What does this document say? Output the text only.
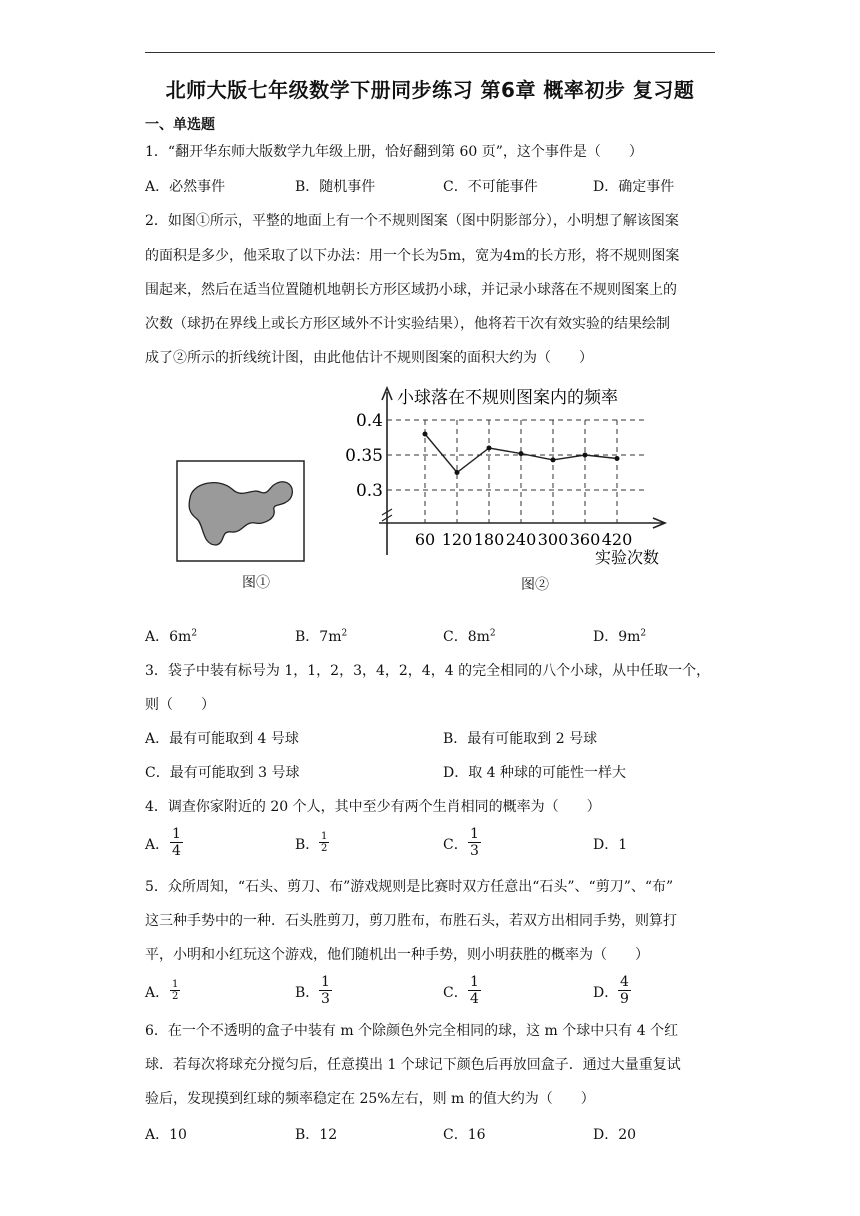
北师大版七年级数学下册同步练习 第6章 概率初步 复习题
一、单选题
1．“翻开华东师大版数学九年级上册，恰好翻到第 60 页”，这个事件是（　　）
A．必然事件	B．随机事件	C．不可能事件	D．确定事件
2．如图①所示，平整的地面上有一个不规则图案（图中阴影部分），小明想了解该图案
的面积是多少，他采取了以下办法：用一个长为5m，宽为4m的长方形，将不规则图案
围起来，然后在适当位置随机地朝长方形区域扔小球，并记录小球落在不规则图案上的
次数（球扔在界线上或长方形区域外不计实验结果），他将若干次有效实验的结果绘制
成了②所示的折线统计图，由此他估计不规则图案的面积大约为（　　）
图①
小球落在不规则图案内的频率
实验次数
0.4
0.35
0.3
60 120 180 240 300 360 420
图②
A．$6m^2$	B．$7m^2$	C．$8m^2$	D．$9m^2$
3．袋子中装有标号为 1，1，2，3，4，2，4，4 的完全相同的八个小球，从中任取一个，
则（　　）
A．最有可能取到 4 号球	B．最有可能取到 2 号球
C．最有可能取到 3 号球	D．取 4 种球的可能性一样大
4．调查你家附近的 20 个人，其中至少有两个生肖相同的概率为（　　）
A． $\frac{1}{4}$	B． $\frac{1}{2}$	C． $\frac{1}{3}$	D．1
5．众所周知，“石头、剪刀、布”游戏规则是比赛时双方任意出“石头”、“剪刀”、“布”
这三种手势中的一种．石头胜剪刀，剪刀胜布，布胜石头，若双方出相同手势，则算打
平，小明和小红玩这个游戏，他们随机出一种手势，则小明获胜的概率为（　　）
A． $\frac{1}{2}$	B． $\frac{1}{3}$	C． $\frac{1}{4}$	D． $\frac{4}{9}$
6．在一个不透明的盒子中装有 m 个除颜色外完全相同的球，这 m 个球中只有 4 个红
球．若每次将球充分搅匀后，任意摸出 1 个球记下颜色后再放回盒子．通过大量重复试
验后，发现摸到红球的频率稳定在 25%左右，则 m 的值大约为（　　）
A．10	B．12	C．16	D．20
